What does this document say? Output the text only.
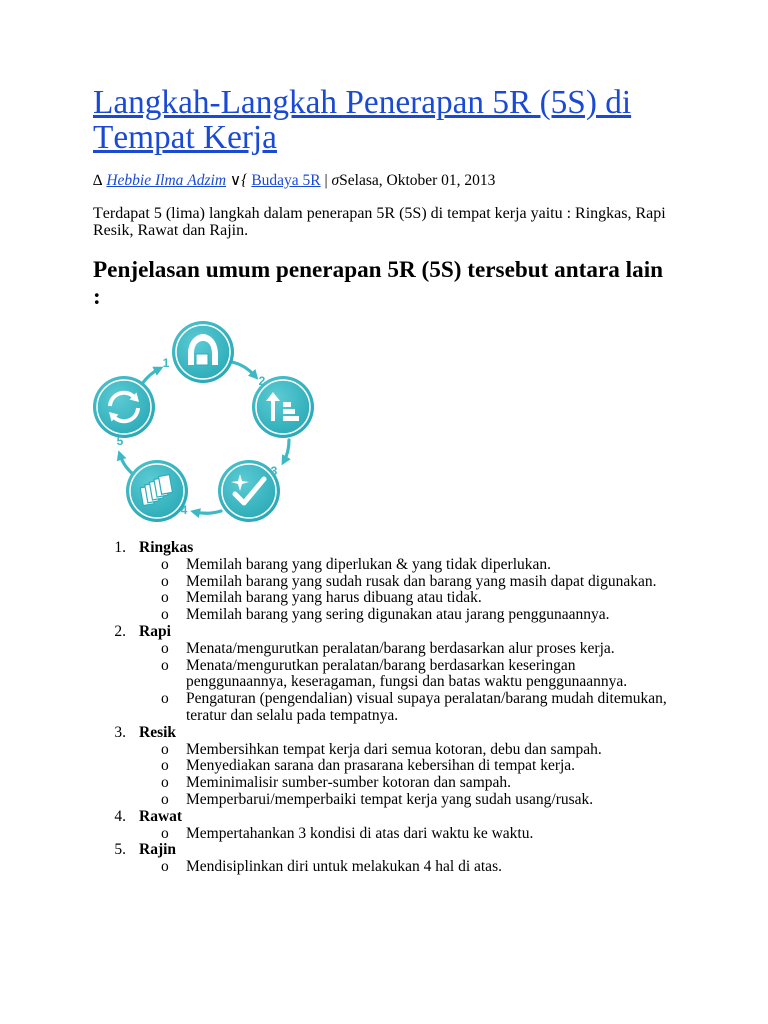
Langkah-Langkah Penerapan 5R (5S) di Tempat Kerja
∆ Hebbie Ilma Adzim ∨{ Budaya 5R | σSelasa, Oktober 01, 2013

Terdapat 5 (lima) langkah dalam penerapan 5R (5S) di tempat kerja yaitu : Ringkas, Rapi Resik, Rawat dan Rajin.

Penjelasan umum penerapan 5R (5S) tersebut antara lain :
1
2
3
4
5
1. Ringkas
o Memilah barang yang diperlukan & yang tidak diperlukan.
o Memilah barang yang sudah rusak dan barang yang masih dapat digunakan.
o Memilah barang yang harus dibuang atau tidak.
o Memilah barang yang sering digunakan atau jarang penggunaannya.
2. Rapi
o Menata/mengurutkan peralatan/barang berdasarkan alur proses kerja.
o Menata/mengurutkan peralatan/barang berdasarkan keseringan penggunaannya, keseragaman, fungsi dan batas waktu penggunaannya.
o Pengaturan (pengendalian) visual supaya peralatan/barang mudah ditemukan, teratur dan selalu pada tempatnya.
3. Resik
o Membersihkan tempat kerja dari semua kotoran, debu dan sampah.
o Menyediakan sarana dan prasarana kebersihan di tempat kerja.
o Meminimalisir sumber-sumber kotoran dan sampah.
o Memperbarui/memperbaiki tempat kerja yang sudah usang/rusak.
4. Rawat
o Mempertahankan 3 kondisi di atas dari waktu ke waktu.
5. Rajin
o Mendisiplinkan diri untuk melakukan 4 hal di atas.
